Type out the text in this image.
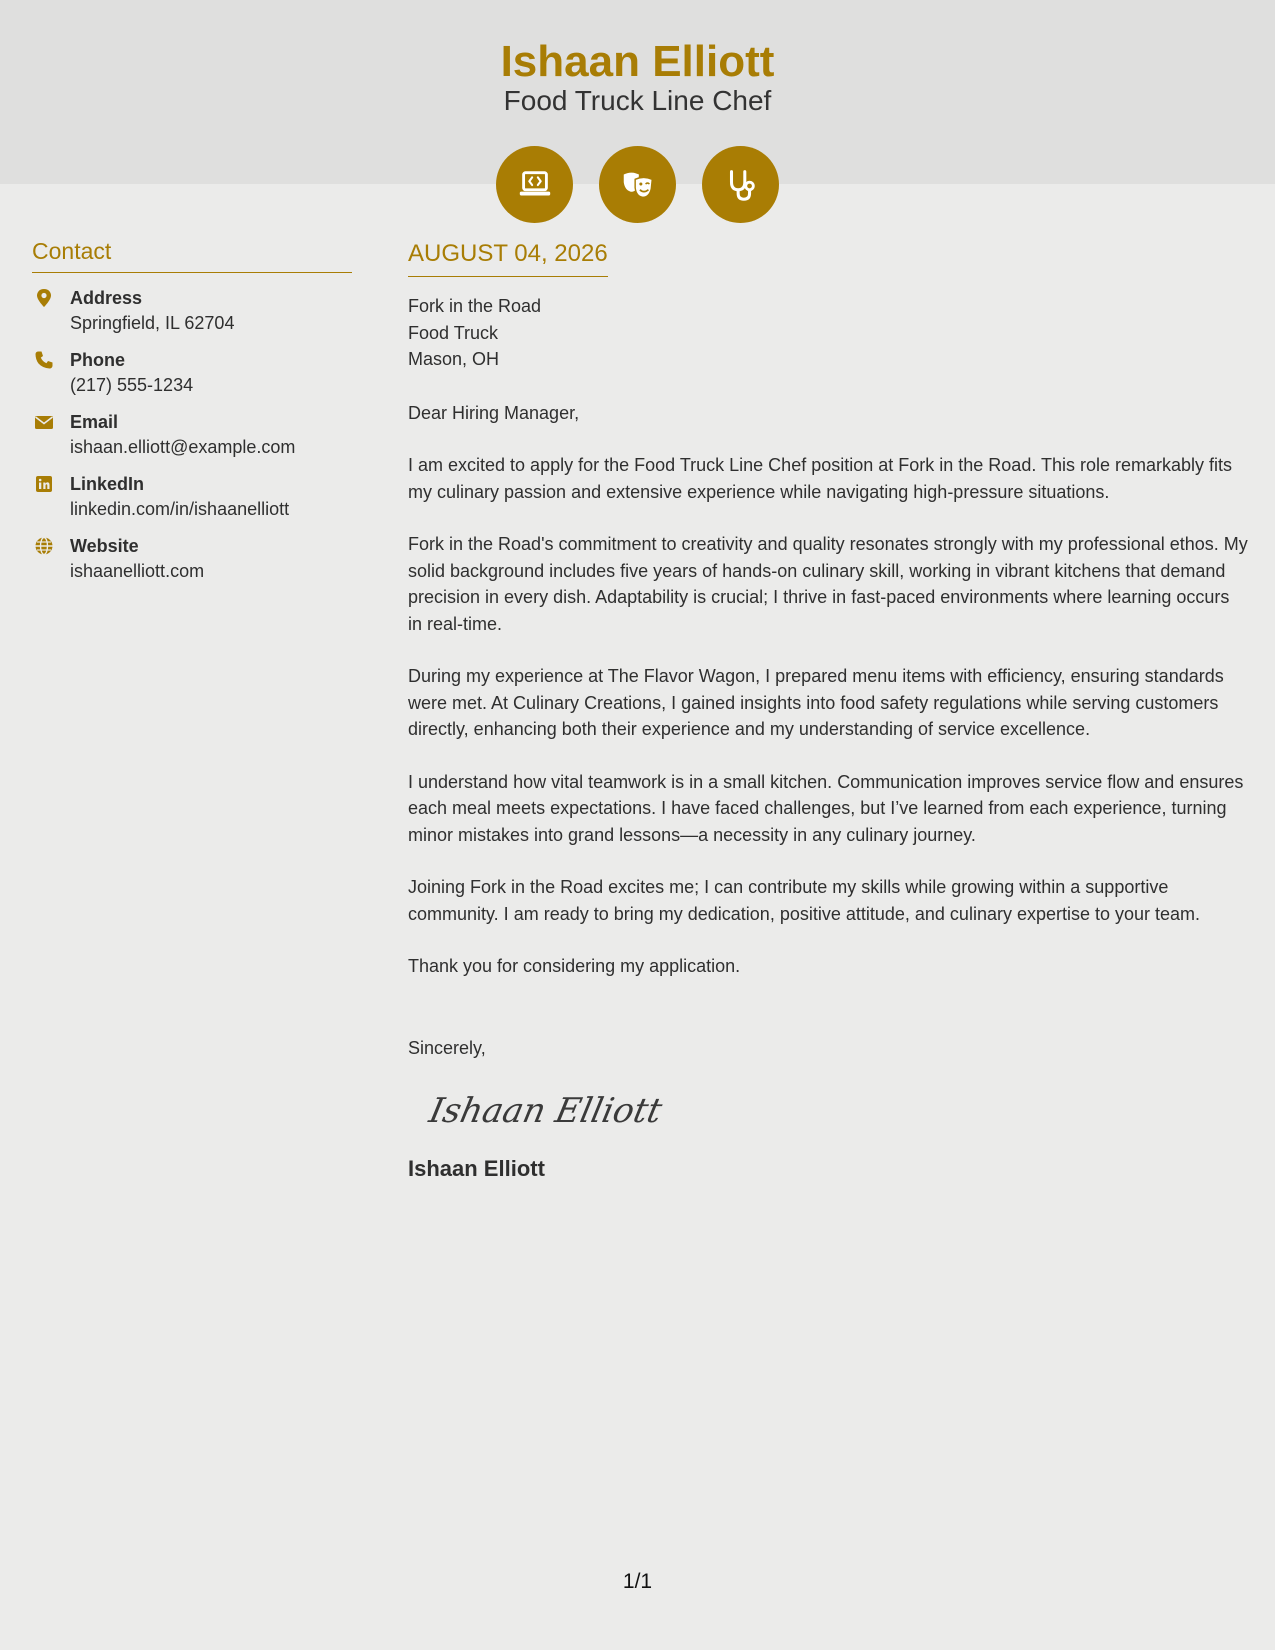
Ishaan Elliott
Food Truck Line Chef
Contact
Address
Springfield, IL 62704
Phone
(217) 555-1234
Email
ishaan.elliott@example.com
LinkedIn
linkedin.com/in/ishaanelliott
Website
ishaanelliott.com
AUGUST 04, 2026
Fork in the Road
Food Truck
Mason, OH

Dear Hiring Manager,

I am excited to apply for the Food Truck Line Chef position at Fork in the Road. This role remarkably fits my culinary passion and extensive experience while navigating high-pressure situations.

Fork in the Road's commitment to creativity and quality resonates strongly with my professional ethos. My solid background includes five years of hands-on culinary skill, working in vibrant kitchens that demand precision in every dish. Adaptability is crucial; I thrive in fast-paced environments where learning occurs in real-time.

During my experience at The Flavor Wagon, I prepared menu items with efficiency, ensuring standards were met. At Culinary Creations, I gained insights into food safety regulations while serving customers directly, enhancing both their experience and my understanding of service excellence.

I understand how vital teamwork is in a small kitchen. Communication improves service flow and ensures each meal meets expectations. I have faced challenges, but I’ve learned from each experience, turning minor mistakes into grand lessons—a necessity in any culinary journey.

Joining Fork in the Road excites me; I can contribute my skills while growing within a supportive community. I am ready to bring my dedication, positive attitude, and culinary expertise to your team.

Thank you for considering my application.

Sincerely,

Ishaan Elliott
Ishaan Elliott
1/1
